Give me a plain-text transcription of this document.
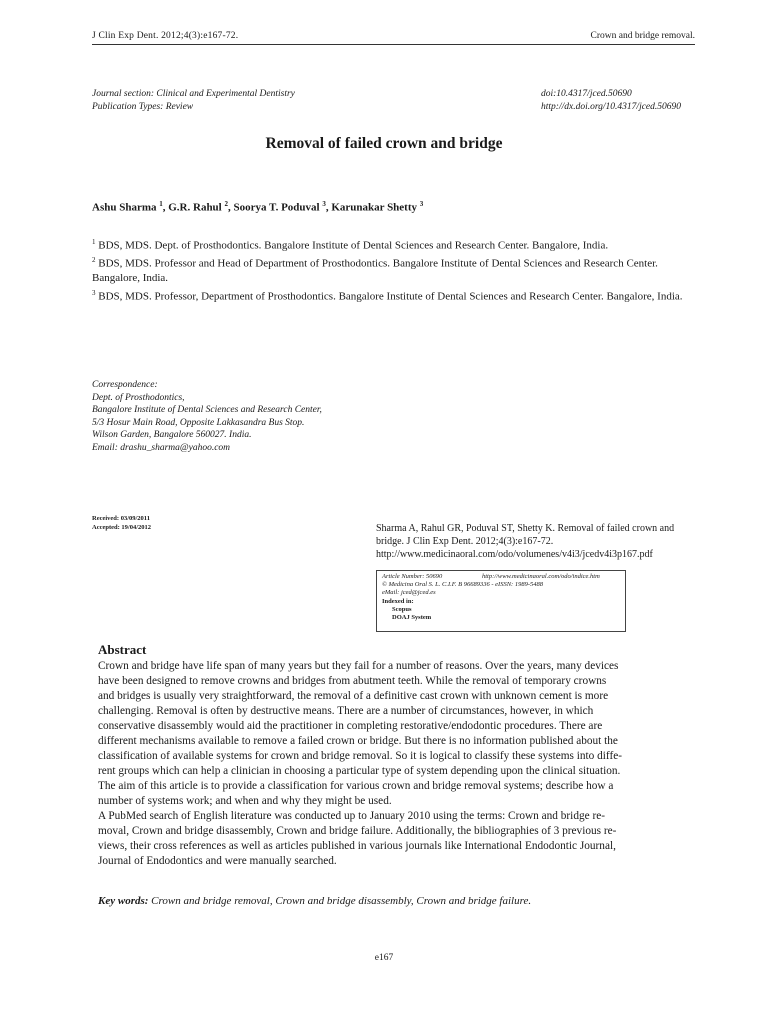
J Clin Exp Dent. 2012;4(3):e167-72.	Crown and bridge removal.
Journal section: Clinical and Experimental Dentistry
Publication Types: Review
doi:10.4317/jced.50690
http://dx.doi.org/10.4317/jced.50690
Removal of failed crown and bridge
Ashu Sharma $^1$, G.R. Rahul $^2$, Soorya T. Poduval $^3$, Karunakar Shetty $^3$

$^1$ BDS, MDS. Dept. of Prosthodontics. Bangalore Institute of Dental Sciences and Research Center. Bangalore, India.

$^2$ BDS, MDS. Professor and Head of Department of Prosthodontics. Bangalore Institute of Dental Sciences and Research Center. Bangalore, India.

$^3$ BDS, MDS. Professor, Department of Prosthodontics. Bangalore Institute of Dental Sciences and Research Center. Bangalore, India.

Correspondence:

Dept. of Prosthodontics,

Bangalore Institute of Dental Sciences and Research Center,

5/3 Hosur Main Road, Opposite Lakkasandra Bus Stop.

Wilson Garden, Bangalore 560027. India.

Email: drashu_sharma@yahoo.com

Received: 03/09/2011

Accepted: 19/04/2012	Sharma A, Rahul GR, Poduval ST, Shetty K. Removal of failed crown and

bridge. J Clin Exp Dent. 2012;4(3):e167-72.

http://www.medicinaoral.com/odo/volumenes/v4i3/jcedv4i3p167.pdf

Article Number: 50690	http://www.medicinaoral.com/odo/indice.htm

© Medicina Oral S. L. C.I.F. B 96689336 - eISSN: 1989-5488

eMail: jced@jced.es

Indexed in:

Scopus

DOAJ System

Abstract

Crown and bridge have life span of many years but they fail for a number of reasons. Over the years, many devices

have been designed to remove crowns and bridges from abutment teeth. While the removal of temporary crowns

and bridges is usually very straightforward, the removal of a definitive cast crown with unknown cement is more

challenging. Removal is often by destructive means. There are a number of circumstances, however, in which

conservative disassembly would aid the practitioner in completing restorative/endodontic procedures. There are

different mechanisms available to remove a failed crown or bridge. But there is no information published about the

classification of available systems for crown and bridge removal. So it is logical to classify these systems into diffe-

rent groups which can help a clinician in choosing a particular type of system depending upon the clinical situation.

The aim of this article is to provide a classification for various crown and bridge removal systems; describe how a

number of systems work; and when and why they might be used.

A PubMed search of English literature was conducted up to January 2010 using the terms: Crown and bridge re-

moval, Crown and bridge disassembly, Crown and bridge failure. Additionally, the bibliographies of 3 previous re-

views, their cross references as well as articles published in various journals like International Endodontic Journal,

Journal of Endodontics and were manually searched.

Key words: Crown and bridge removal, Crown and bridge disassembly, Crown and bridge failure.
e167
